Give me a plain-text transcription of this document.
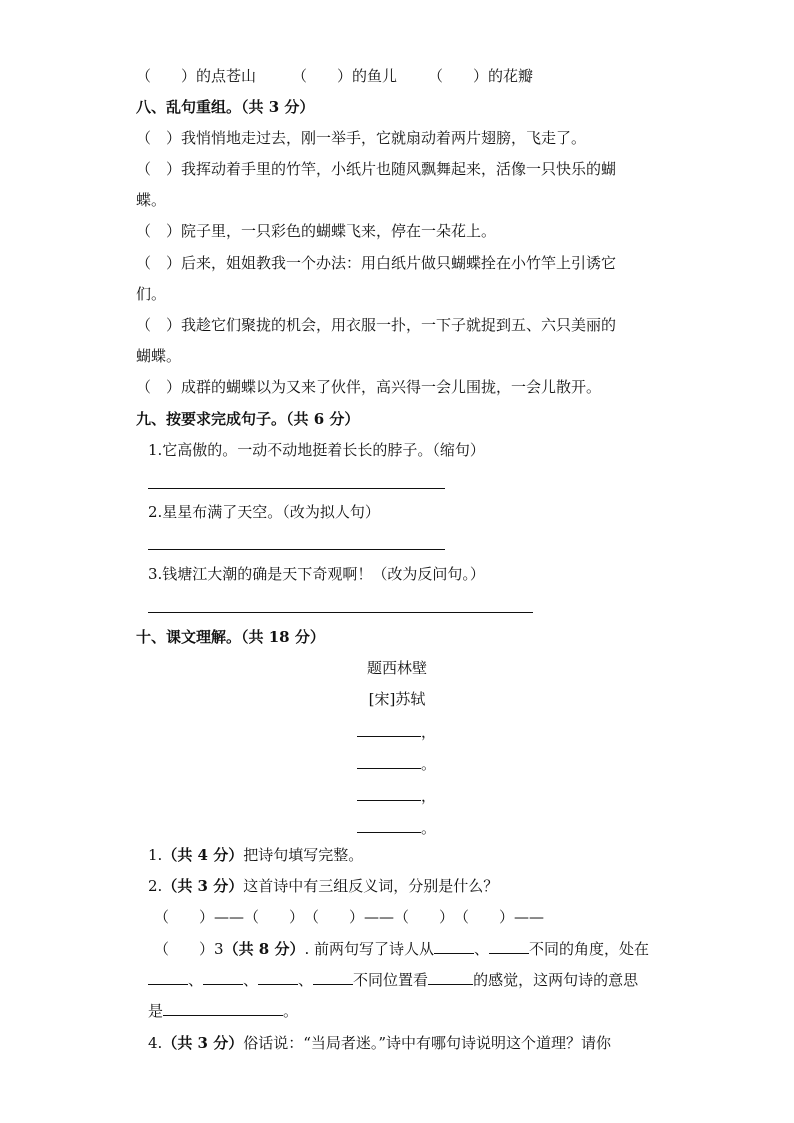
（　　）的点苍山 （　　）的鱼儿 （　　）的花瓣
八、乱句重组。（共 3 分）
（　）我悄悄地走过去，刚一举手，它就扇动着两片翅膀，飞走了。
（　）我挥动着手里的竹竿，小纸片也随风飘舞起来，活像一只快乐的蝴
蝶。
（　）院子里，一只彩色的蝴蝶飞来，停在一朵花上。
（　）后来，姐姐教我一个办法：用白纸片做只蝴蝶拴在小竹竿上引诱它
们。
（　）我趁它们聚拢的机会，用衣服一扑，一下子就捉到五、六只美丽的
蝴蝶。
（　）成群的蝴蝶以为又来了伙伴，高兴得一会儿围拢，一会儿散开。
九、按要求完成句子。（共 6 分）
1.它高傲的。一动不动地挺着长长的脖子。（缩句）
2.星星布满了天空。（改为拟人句）
3.钱塘江大潮的确是天下奇观啊！（改为反问句。）
十、课文理解。（共 18 分）
题西林壁
[宋]苏轼
，
。
，
。
1.（共 4 分）把诗句填写完整。
2.（共 3 分）这首诗中有三组反义词，分别是什么？
（　　）——（　　）　（　　）——（　　）　（　　）——
（　　）3（共 8 分）. 前两句写了诗人从	、	不同的角度，处在
、	、	、	不同位置看	的感觉，这两句诗的意思
是	。
4.（共 3 分）俗话说：“当局者迷。”诗中有哪句诗说明这个道理？请你
